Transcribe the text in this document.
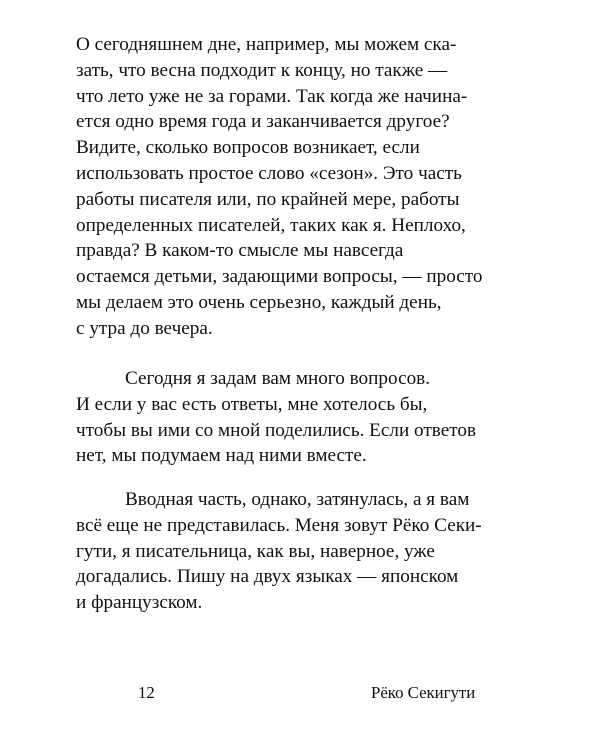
О сегодняшнем дне, например, мы можем ска-
зать, что весна подходит к концу, но также —
что лето уже не за горами. Так когда же начина-
ется одно время года и заканчивается другое?
Видите, сколько вопросов возникает, если
использовать простое слово «сезон». Это часть
работы писателя или, по крайней мере, работы
определенных писателей, таких как я. Неплохо,
правда? В каком-то смысле мы навсегда
остаемся детьми, задающими вопросы, — просто
мы делаем это очень серьезно, каждый день,
с утра до вечера.
Сегодня я задам вам много вопросов.
И если у вас есть ответы, мне хотелось бы,
чтобы вы ими со мной поделились. Если ответов
нет, мы подумаем над ними вместе.
Вводная часть, однако, затянулась, а я вам
всё еще не представилась. Меня зовут Рёко Секи-
гути, я писательница, как вы, наверное, уже
догадались. Пишу на двух языках — японском
и французском.
12	Рёко Секигути
